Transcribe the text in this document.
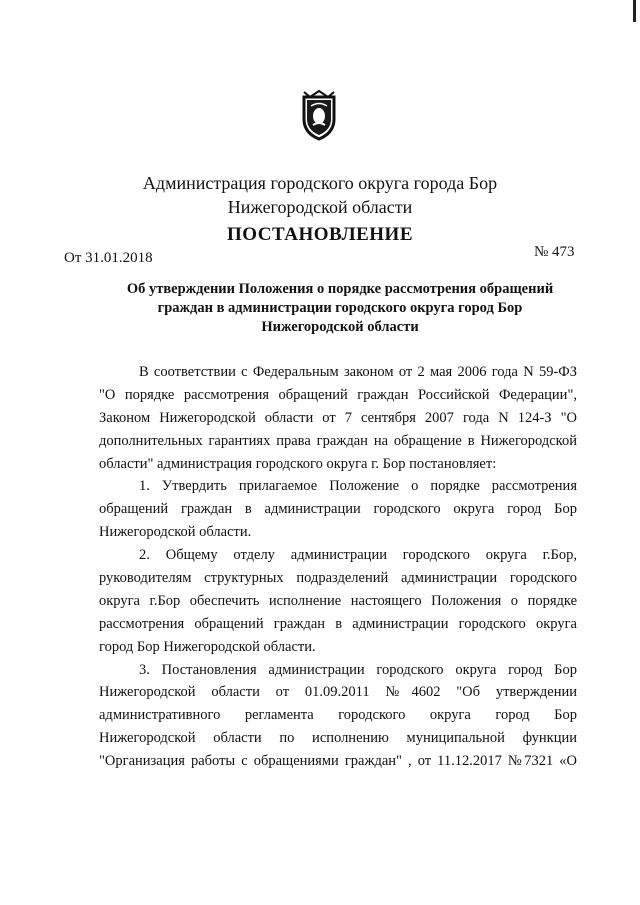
Администрация городского округа города Бор
Нижегородской области
ПОСТАНОВЛЕНИЕ
От 31.01.2018	№ 473
Об утверждении Положения о порядке рассмотрения обращений
граждан в администрации городского округа город Бор
Нижегородской области
В соответствии с Федеральным законом от 2 мая 2006 года N 59-ФЗ
"О порядке рассмотрения обращений граждан Российской Федерации",
Законом Нижегородской области от 7 сентября 2007 года N 124-З "О
дополнительных гарантиях права граждан на обращение в Нижегородской
области" администрация городского округа г. Бор постановляет:
1. Утвердить прилагаемое Положение о порядке рассмотрения
обращений граждан в администрации городского округа город Бор
Нижегородской области.
2. Общему отделу администрации городского округа г.Бор,
руководителям структурных подразделений администрации городского
округа г.Бор обеспечить исполнение настоящего Положения о порядке
рассмотрения обращений граждан в администрации городского округа
город Бор Нижегородской области.
3. Постановления администрации городского округа город Бор
Нижегородской области от 01.09.2011 №4602 "Об утверждении
административного регламента городского округа город Бор
Нижегородской области по исполнению муниципальной функции
"Организация работы с обращениями граждан" , от 11.12.2017 №7321 «О
